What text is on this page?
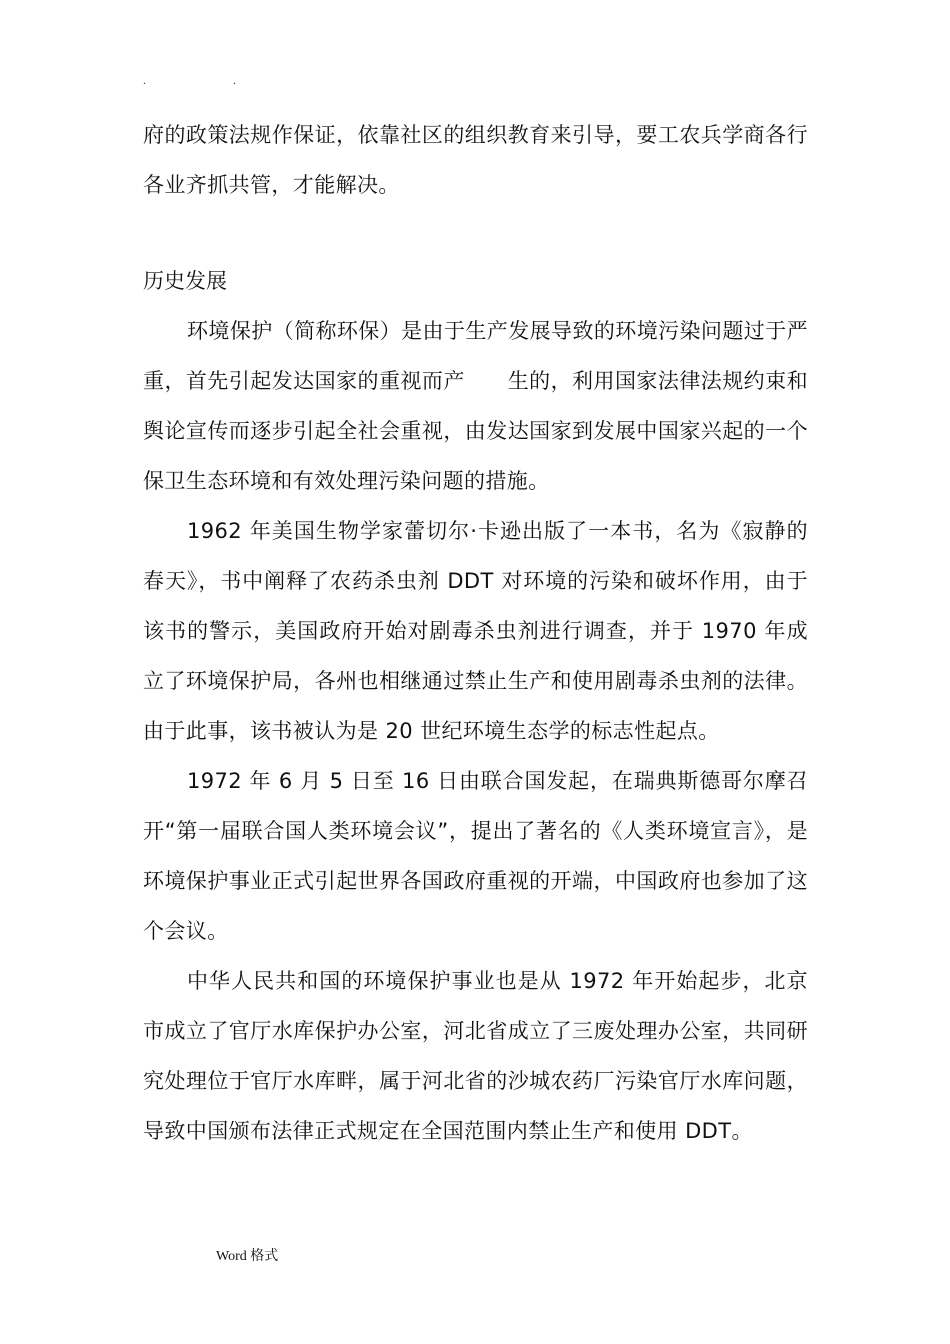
.	.

府的政策法规作保证，依靠社区的组织教育来引导，要工农兵学商各行各业齐抓共管，才能解决。

历史发展

环境保护（简称环保）是由于生产发展导致的环境污染问题过于严重，首先引起发达国家的重视而产　　生的，利用国家法律法规约束和舆论宣传而逐步引起全社会重视，由发达国家到发展中国家兴起的一个保卫生态环境和有效处理污染问题的措施。

1962 年美国生物学家蕾切尔·卡逊出版了一本书，名为《寂静的春天》，书中阐释了农药杀虫剂 DDT 对环境的污染和破坏作用，由于该书的警示，美国政府开始对剧毒杀虫剂进行调查，并于 1970 年成立了环境保护局，各州也相继通过禁止生产和使用剧毒杀虫剂的法律。由于此事，该书被认为是 20 世纪环境生态学的标志性起点。

1972 年 6 月 5 日至 16 日由联合国发起，在瑞典斯德哥尔摩召开“第一届联合国人类环境会议”，提出了著名的《人类环境宣言》，是环境保护事业正式引起世界各国政府重视的开端，中国政府也参加了这个会议。

中华人民共和国的环境保护事业也是从 1972 年开始起步，北京市成立了官厅水库保护办公室，河北省成立了三废处理办公室，共同研究处理位于官厅水库畔，属于河北省的沙城农药厂污染官厅水库问题，导致中国颁布法律正式规定在全国范围内禁止生产和使用 DDT。

Word 格式
